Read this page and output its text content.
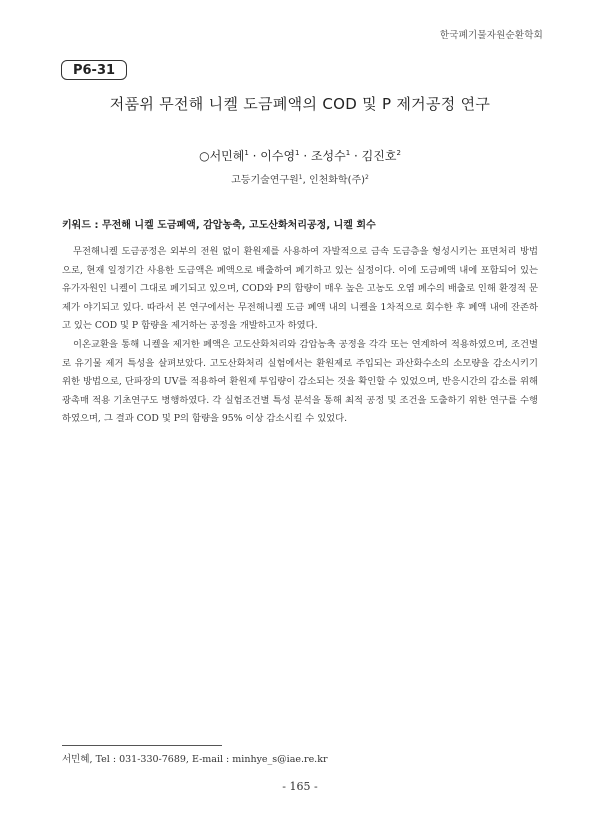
한국폐기물자원순환학회
P6-31
저품위 무전해 니켈 도금폐액의 COD 및 P 제거공정 연구
○서민혜$^1$ · 이수영$^1$ · 조성수$^1$ · 김진호$^2$
고등기술연구원$^1$, 인천화학(주)$^2$
키워드 : 무전해 니켈 도금폐액, 감압농축, 고도산화처리공정, 니켈 회수

무전해니켈 도금공정은 외부의 전원 없이 환원제를 사용하여 자발적으로 금속 도금층을 형성시키는 표면처리 방법으로, 현재 일정기간 사용한 도금액은 폐액으로 배출하여 폐기하고 있는 실정이다. 이에 도금폐액 내에 포함되어 있는 유가자원인 니켈이 그대로 폐기되고 있으며, COD와 P의 함량이 매우 높은 고농도 오염 폐수의 배출로 인해 환경적 문제가 야기되고 있다. 따라서 본 연구에서는 무전해니켈 도금 폐액 내의 니켈을 1차적으로 회수한 후 폐액 내에 잔존하고 있는 COD 및 P 함량을 제거하는 공정을 개발하고자 하였다.

이온교환을 통해 니켈을 제거한 폐액은 고도산화처리와 감압농축 공정을 각각 또는 연계하여 적용하였으며, 조건별로 유기물 제거 특성을 살펴보았다. 고도산화처리 실험에서는 환원제로 주입되는 과산화수소의 소모량을 감소시키기 위한 방법으로, 단파장의 UV를 적용하여 환원제 투입량이 감소되는 것을 확인할 수 있었으며, 반응시간의 감소를 위해 광촉매 적용 기초연구도 병행하였다. 각 실험조건별 특성 분석을 통해 최적 공정 및 조건을 도출하기 위한 연구를 수행하였으며, 그 결과 COD 및 P의 함량을 95% 이상 감소시킬 수 있었다.

서민혜, Tel : 031-330-7689, E-mail : minhye_s@iae.re.kr
- 165 -
